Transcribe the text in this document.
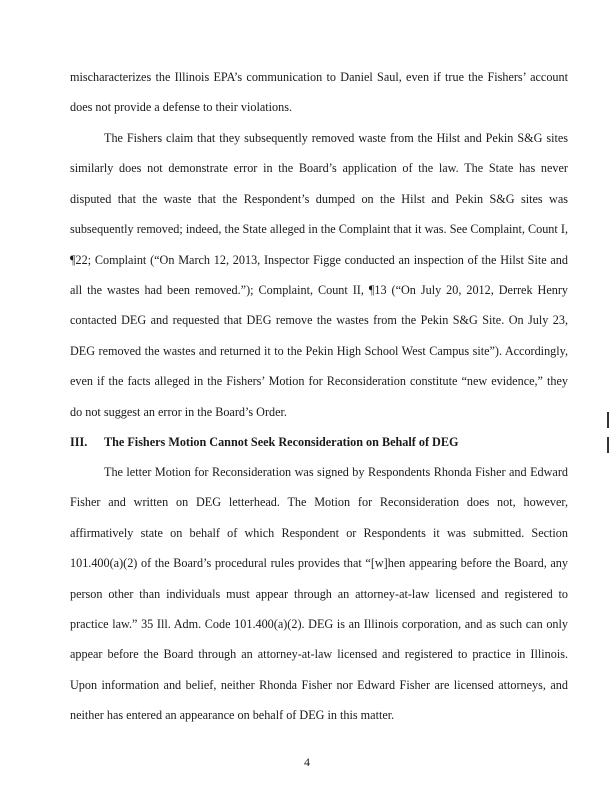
mischaracterizes the Illinois EPA’s communication to Daniel Saul, even if true the Fishers’ account does not provide a defense to their violations.

The Fishers claim that they subsequently removed waste from the Hilst and Pekin S&G sites similarly does not demonstrate error in the Board’s application of the law. The State has never disputed that the waste that the Respondent’s dumped on the Hilst and Pekin S&G sites was subsequently removed; indeed, the State alleged in the Complaint that it was. See Complaint, Count I, ¶22; Complaint (“On March 12, 2013, Inspector Figge conducted an inspection of the Hilst Site and all the wastes had been removed.”); Complaint, Count II, ¶13 (“On July 20, 2012, Derrek Henry contacted DEG and requested that DEG remove the wastes from the Pekin S&G Site. On July 23, DEG removed the wastes and returned it to the Pekin High School West Campus site”). Accordingly, even if the facts alleged in the Fishers’ Motion for Reconsideration constitute “new evidence,” they do not suggest an error in the Board’s Order.

III. The Fishers Motion Cannot Seek Reconsideration on Behalf of DEG

The letter Motion for Reconsideration was signed by Respondents Rhonda Fisher and Edward Fisher and written on DEG letterhead. The Motion for Reconsideration does not, however, affirmatively state on behalf of which Respondent or Respondents it was submitted. Section 101.400(a)(2) of the Board’s procedural rules provides that “[w]hen appearing before the Board, any person other than individuals must appear through an attorney-at-law licensed and registered to practice law.” 35 Ill. Adm. Code 101.400(a)(2). DEG is an Illinois corporation, and as such can only appear before the Board through an attorney-at-law licensed and registered to practice in Illinois. Upon information and belief, neither Rhonda Fisher nor Edward Fisher are licensed attorneys, and neither has entered an appearance on behalf of DEG in this matter.

4
